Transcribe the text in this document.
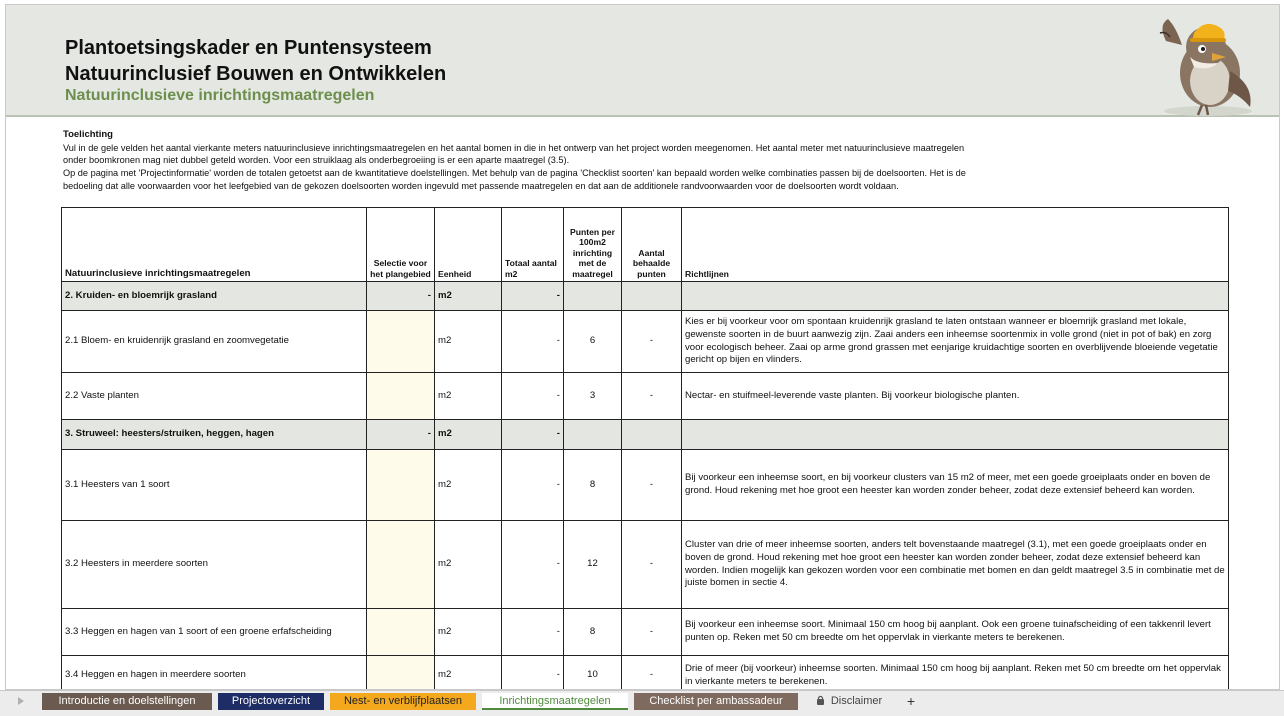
Plantoetsingskader en Puntensysteem
Natuurinclusief Bouwen en Ontwikkelen
Natuurinclusieve inrichtingsmaatregelen
Toelichting
Vul in de gele velden het aantal vierkante meters natuurinclusieve inrichtingsmaatregelen en het aantal bomen in die in het ontwerp van het project worden meegenomen. Het aantal meter met natuurinclusieve maatregelen
onder boomkronen mag niet dubbel geteld worden. Voor een struiklaag als onderbegroeiing is er een aparte maatregel (3.5).
Op de pagina met 'Projectinformatie' worden de totalen getoetst aan de kwantitatieve doelstellingen. Met behulp van de pagina 'Checklist soorten' kan bepaald worden welke combinaties passen bij de doelsoorten. Het is de
bedoeling dat alle voorwaarden voor het leefgebied van de gekozen doelsoorten worden ingevuld met passende maatregelen en dat aan de additionele randvoorwaarden voor de doelsoorten wordt voldaan.
Natuurinclusieve inrichtingsmaatregelen	Selectie voor het plangebied	Eenheid	Totaal aantal m2	Punten per 100m2 inrichting met de maatregel	Aantal behaalde punten	Richtlijnen
2. Kruiden- en bloemrijk grasland	-	m2	-			
2.1 Bloem- en kruidenrijk grasland en zoomvegetatie		m2	-	6	-	Kies er bij voorkeur voor om spontaan kruidenrijk grasland te laten ontstaan wanneer er bloemrijk grasland met lokale, gewenste soorten in de buurt aanwezig zijn. Zaai anders een inheemse soortenmix in volle grond (niet in pot of bak) en zorg voor ecologisch beheer. Zaai op arme grond grassen met eenjarige kruidachtige soorten en overblijvende bloeiende vegetatie gericht op bijen en vlinders.
2.2 Vaste planten		m2	-	3	-	Nectar- en stuifmeel-leverende vaste planten. Bij voorkeur biologische planten.
3. Struweel: heesters/struiken, heggen, hagen	-	m2	-			
3.1 Heesters van 1 soort		m2	-	8	-	Bij voorkeur een inheemse soort, en bij voorkeur clusters van 15 m2 of meer, met een goede groeiplaats onder en boven de grond. Houd rekening met hoe groot een heester kan worden zonder beheer, zodat deze extensief beheerd kan worden.
3.2 Heesters in meerdere soorten		m2	-	12	-	Cluster van drie of meer inheemse soorten, anders telt bovenstaande maatregel (3.1), met een goede groeiplaats onder en boven de grond. Houd rekening met hoe groot een heester kan worden zonder beheer, zodat deze extensief beheerd kan worden. Indien mogelijk kan gekozen worden voor een combinatie met bomen en dan geldt maatregel 3.5 in combinatie met de juiste bomen in sectie 4.
3.3 Heggen en hagen van 1 soort of een groene erfafscheiding		m2	-	8	-	Bij voorkeur een inheemse soort. Minimaal 150 cm hoog bij aanplant. Ook een groene tuinafscheiding of een takkenril levert punten op. Reken met 50 cm breedte om het oppervlak in vierkante meters te berekenen.
3.4 Heggen en hagen in meerdere soorten		m2	-	10	-	Drie of meer (bij voorkeur) inheemse soorten. Minimaal 150 cm hoog bij aanplant. Reken met 50 cm breedte om het oppervlak in vierkante meters te berekenen.
Introductie en doelstellingen	Projectoverzicht	Nest- en verblijfplaatsen	Inrichtingsmaatregelen	Checklist per ambassadeur	Disclaimer	+
